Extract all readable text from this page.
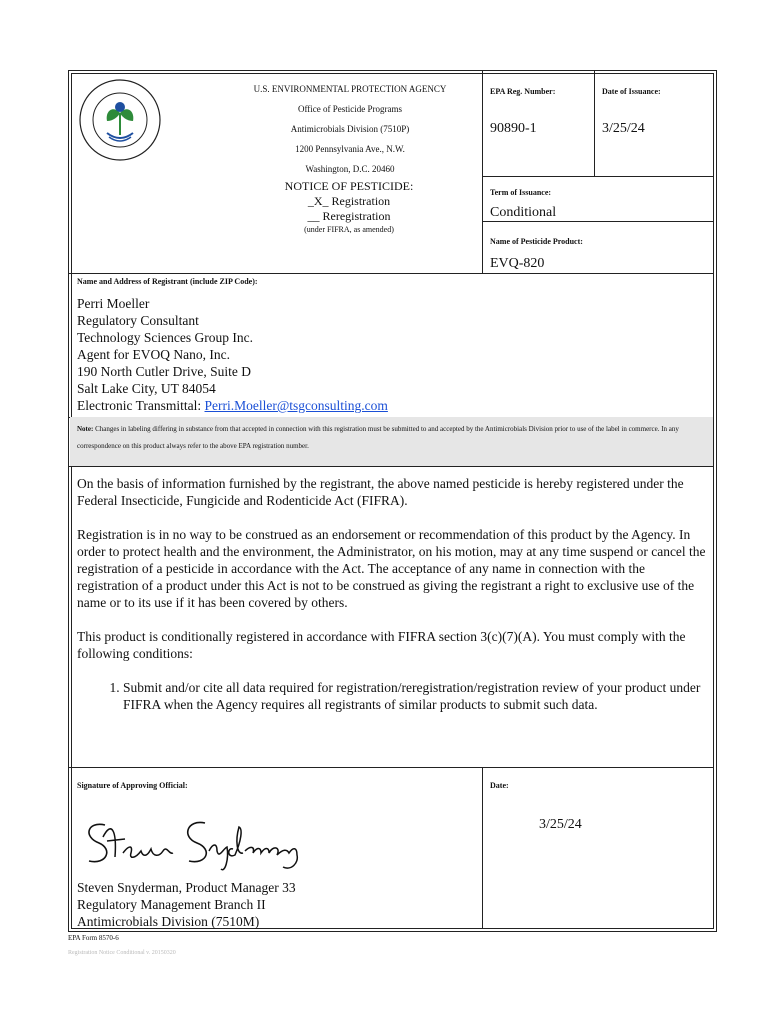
U.S. ENVIRONMENTAL PROTECTION AGENCY
Office of Pesticide Programs
Antimicrobials Division (7510P)
1200 Pennsylvania Ave., N.W.
Washington, D.C. 20460
NOTICE OF PESTICIDE:
_X_ Registration
__ Reregistration
(under FIFRA, as amended)
EPA Reg. Number:
90890-1
Date of Issuance:
3/25/24
Term of Issuance:
Conditional
Name of Pesticide Product:
EVQ-820
Name and Address of Registrant (include ZIP Code):
Perri Moeller
Regulatory Consultant
Technology Sciences Group Inc.
Agent for EVOQ Nano, Inc.
190 North Cutler Drive, Suite D
Salt Lake City, UT 84054
Electronic Transmittal: Perri.Moeller@tsgconsulting.com
Note: Changes in labeling differing in substance from that accepted in connection with this registration must be submitted to and accepted by the Antimicrobials Division prior to use of the label in commerce. In any correspondence on this product always refer to the above EPA registration number.

On the basis of information furnished by the registrant, the above named pesticide is hereby registered under the Federal Insecticide, Fungicide and Rodenticide Act (FIFRA).

Registration is in no way to be construed as an endorsement or recommendation of this product by the Agency. In order to protect health and the environment, the Administrator, on his motion, may at any time suspend or cancel the registration of a pesticide in accordance with the Act. The acceptance of any name in connection with the registration of a product under this Act is not to be construed as giving the registrant a right to exclusive use of the name or to its use if it has been covered by others.

This product is conditionally registered in accordance with FIFRA section 3(c)(7)(A). You must comply with the following conditions:

1. Submit and/or cite all data required for registration/reregistration/registration review of your product under FIFRA when the Agency requires all registrants of similar products to submit such data.
Signature of Approving Official:	Date:
3/25/24
Steven Snyderman, Product Manager 33
Regulatory Management Branch II
Antimicrobials Division (7510M)
EPA Form 8570-6
Registration Notice Conditional v. 20150320
